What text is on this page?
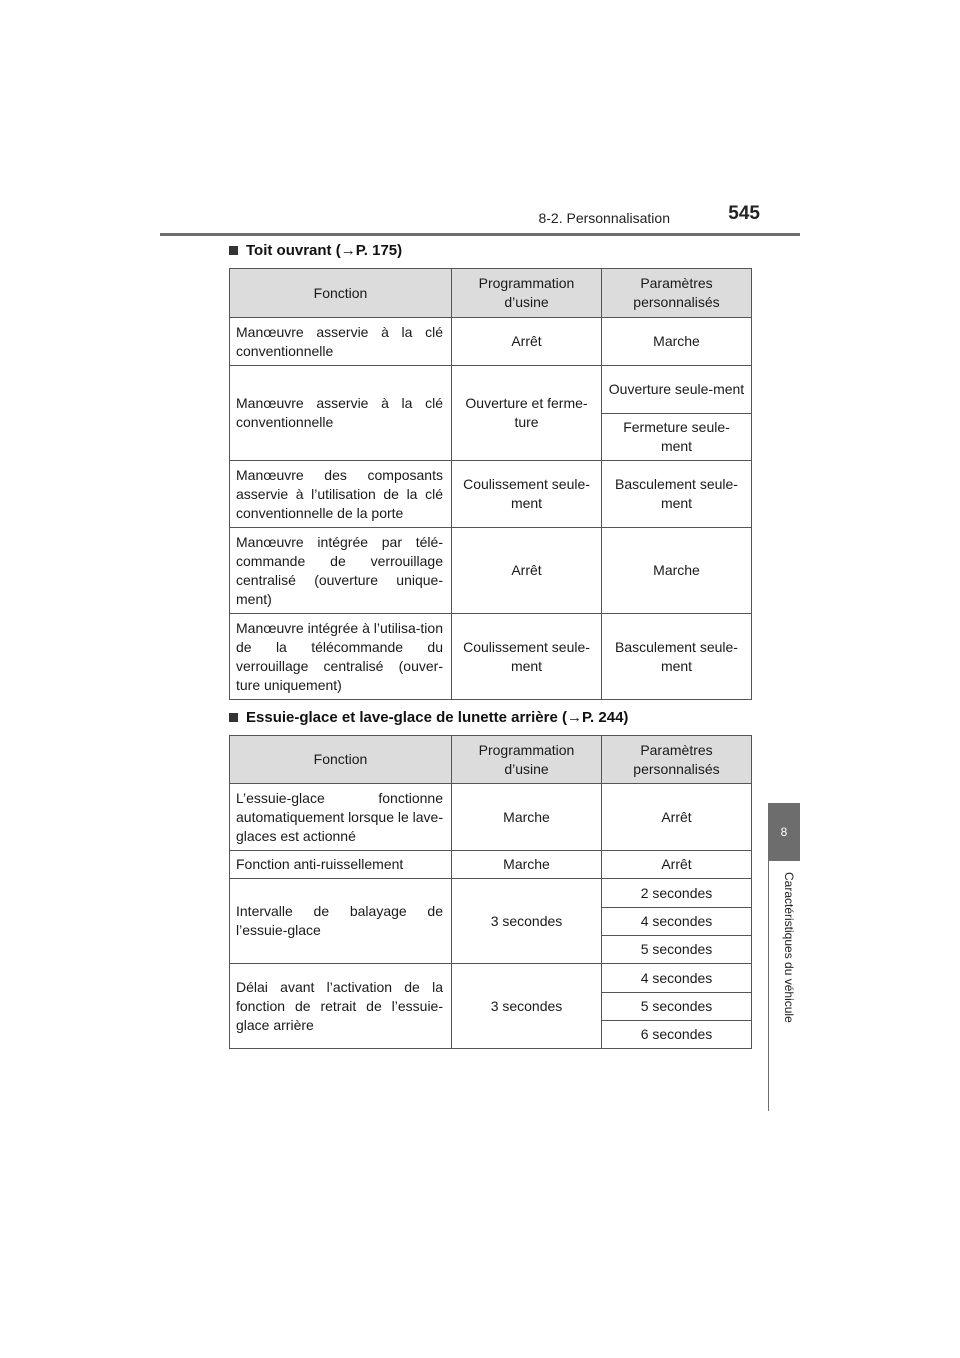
8-2. Personnalisation	545
8
Caractéristiques du véhicule
Toit ouvrant (→P. 175)
Fonction	Programmation d’usine	Paramètres personnalisés
Manœuvre asservie à la clé conventionnelle	Arrêt	Marche
Manœuvre asservie à la clé conventionnelle	Ouverture et ferme-ture	Ouverture seule-ment
		Fermeture seule-ment
Manœuvre des composants asservie à l’utilisation de la clé conventionnelle de la porte	Coulissement seule-ment	Basculement seule-ment
Manœuvre intégrée par télé-commande de verrouillage centralisé (ouverture unique-ment)	Arrêt	Marche
Manœuvre intégrée à l’utilisa-tion de la télécommande du verrouillage centralisé (ouver-ture uniquement)	Coulissement seule-ment	Basculement seule-ment
Essuie-glace et lave-glace de lunette arrière (→P. 244)
Fonction	Programmation d’usine	Paramètres personnalisés
L’essuie-glace fonctionne automatiquement lorsque le lave-glaces est actionné	Marche	Arrêt
Fonction anti-ruissellement	Marche	Arrêt
Intervalle de balayage de l’essuie-glace	3 secondes	2 secondes
		4 secondes
		5 secondes
Délai avant l’activation de la fonction de retrait de l’essuie-glace arrière	3 secondes	4 secondes
		5 secondes
		6 secondes
